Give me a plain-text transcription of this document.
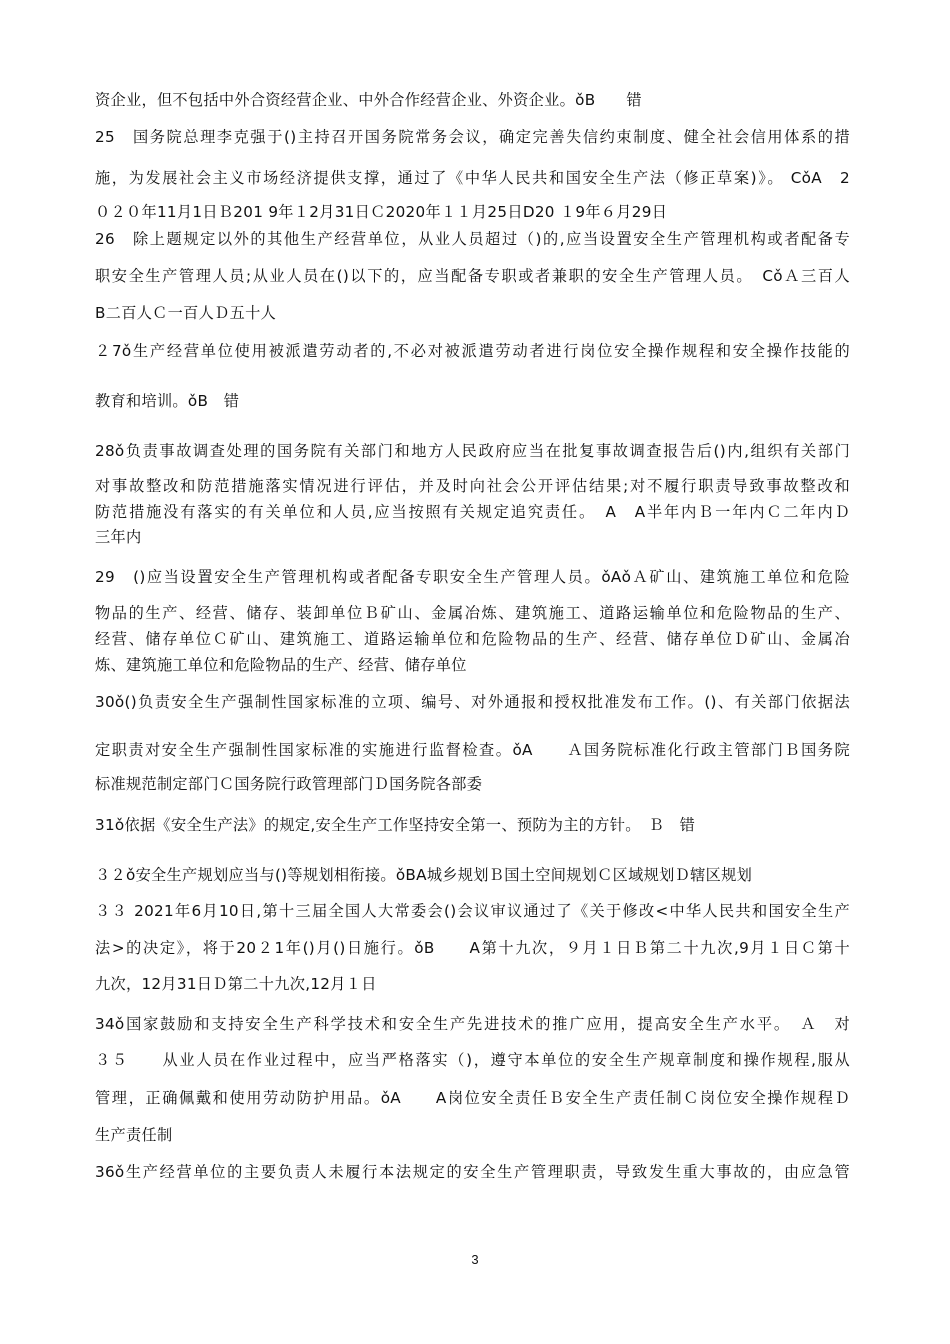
资企业，但不包括中外合资经营企业、中外合作经营企业、外资企业。ǒB　　错
25　国务院总理李克强于()主持召开国务院常务会议，确定完善失信约束制度、健全社会信用体系的措
施，为发展社会主义市场经济提供支撑，通过了《中华人民共和国安全生产法（修正草案)》。 CǒA　2
０２０年11月1日Ｂ201 9年１2月31日Ｃ2020年１１月25日D20 １9年６月29日
26　除上题规定以外的其他生产经营单位，从业人员超过（)的,应当设置安全生产管理机构或者配备专
职安全生产管理人员;从业人员在()以下的，应当配备专职或者兼职的安全生产管理人员。　CǒＡ三百人
B二百人Ｃ一百人Ｄ五十人
２7ǒ生产经营单位使用被派遣劳动者的,不必对被派遣劳动者进行岗位安全操作规程和安全操作技能的
教育和培训。ǒB　错
28ǒ负责事故调查处理的国务院有关部门和地方人民政府应当在批复事故调查报告后()内,组织有关部门
对事故整改和防范措施落实情况进行评估，并及时向社会公开评估结果;对不履行职责导致事故整改和
防范措施没有落实的有关单位和人员,应当按照有关规定追究责任。　A　A半年内Ｂ一年内Ｃ二年内Ｄ
三年内
29　()应当设置安全生产管理机构或者配备专职安全生产管理人员。ǒAǒＡ矿山、建筑施工单位和危险
物品的生产、经营、储存、装卸单位Ｂ矿山、金属冶炼、建筑施工、道路运输单位和危险物品的生产、
经营、储存单位Ｃ矿山、建筑施工、道路运输单位和危险物品的生产、经营、储存单位Ｄ矿山、金属冶
炼、建筑施工单位和危险物品的生产、经营、储存单位
30ǒ()负责安全生产强制性国家标准的立项、编号、对外通报和授权批准发布工作。()、有关部门依据法
定职责对安全生产强制性国家标准的实施进行监督检查。ǒA　　Ａ国务院标准化行政主管部门Ｂ国务院
标准规范制定部门Ｃ国务院行政管理部门Ｄ国务院各部委
31ǒ依据《安全生产法》的规定,安全生产工作坚持安全第一、预防为主的方针。　Ｂ　错
３２ǒ安全生产规划应当与()等规划相衔接。ǒBA城乡规划Ｂ国土空间规划Ｃ区域规划Ｄ辖区规划
３３ 2021年6月10日,第十三届全国人大常委会()会议审议通过了《关于修改<中华人民共和国安全生产
法>的决定》，将于20２1年()月()日施行。ǒB　　A第十九次，９月１日Ｂ第二十九次,9月１日Ｃ第十
九次，12月31日Ｄ第二十九次,12月１日
34ǒ国家鼓励和支持安全生产科学技术和安全生产先进技术的推广应用，提高安全生产水平。　Ａ　对
３５　　从业人员在作业过程中，应当严格落实（)，遵守本单位的安全生产规章制度和操作规程,服从
管理，正确佩戴和使用劳动防护用品。ǒA　　A岗位安全责任Ｂ安全生产责任制Ｃ岗位安全操作规程Ｄ
生产责任制
36ǒ生产经营单位的主要负责人未履行本法规定的安全生产管理职责，导致发生重大事故的，由应急管
3
